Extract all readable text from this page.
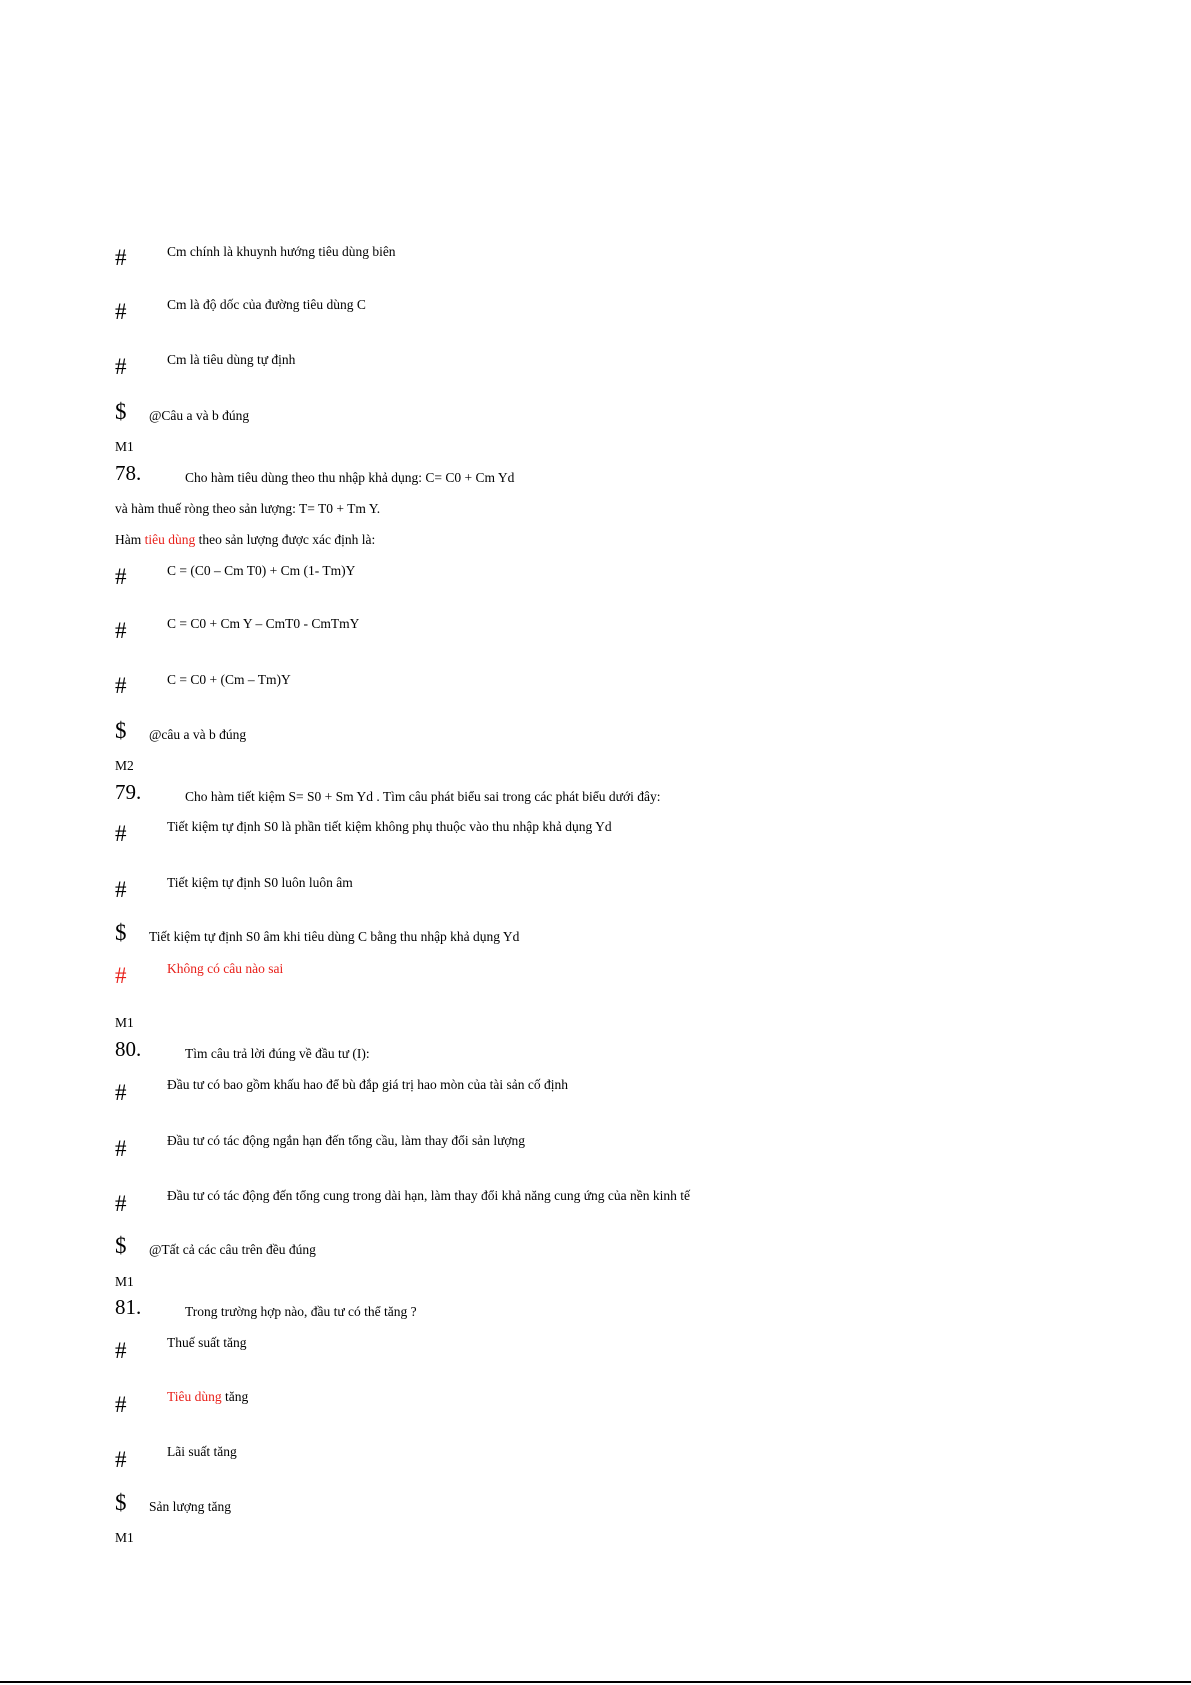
#	Cm chính là khuynh hướng tiêu dùng biên
#	Cm là độ dốc của đường tiêu dùng C
#	Cm là tiêu dùng tự định
$ @Câu a và b đúng
M1
78.	Cho hàm tiêu dùng theo thu nhập khả dụng: C= C0 + Cm Yd
và hàm thuế ròng theo sản lượng: T= T0 + Tm Y.
Hàm tiêu dùng theo sản lượng được xác định là:
#	C = (C0 – Cm T0) + Cm (1- Tm)Y
#	C = C0 + Cm Y – CmT0 - CmTmY
#	C = C0 + (Cm – Tm)Y
$ @câu a và b đúng
M2
79.	Cho hàm tiết kiệm S= S0 + Sm Yd . Tìm câu phát biểu sai trong các phát biểu dưới đây:
#	Tiết kiệm tự định S0 là phần tiết kiệm không phụ thuộc vào thu nhập khả dụng Yd
#	Tiết kiệm tự định S0 luôn luôn âm
$ Tiết kiệm tự định S0 âm khi tiêu dùng C bằng thu nhập khả dụng Yd
#	Không có câu nào sai
M1
80.	Tìm câu trả lời đúng về đầu tư (I):
#	Đầu tư có bao gồm khấu hao để bù đắp giá trị hao mòn của tài sản cố định
#	Đầu tư có tác động ngắn hạn đến tổng cầu, làm thay đổi sản lượng
#	Đầu tư có tác động đến tổng cung trong dài hạn, làm thay đổi khả năng cung ứng của nền kinh tế
$ @Tất cả các câu trên đều đúng
M1
81.	Trong trường hợp nào, đầu tư có thể tăng ?
#	Thuế suất tăng
#	Tiêu dùng tăng
#	Lãi suất tăng
$ Sản lượng tăng
M1
